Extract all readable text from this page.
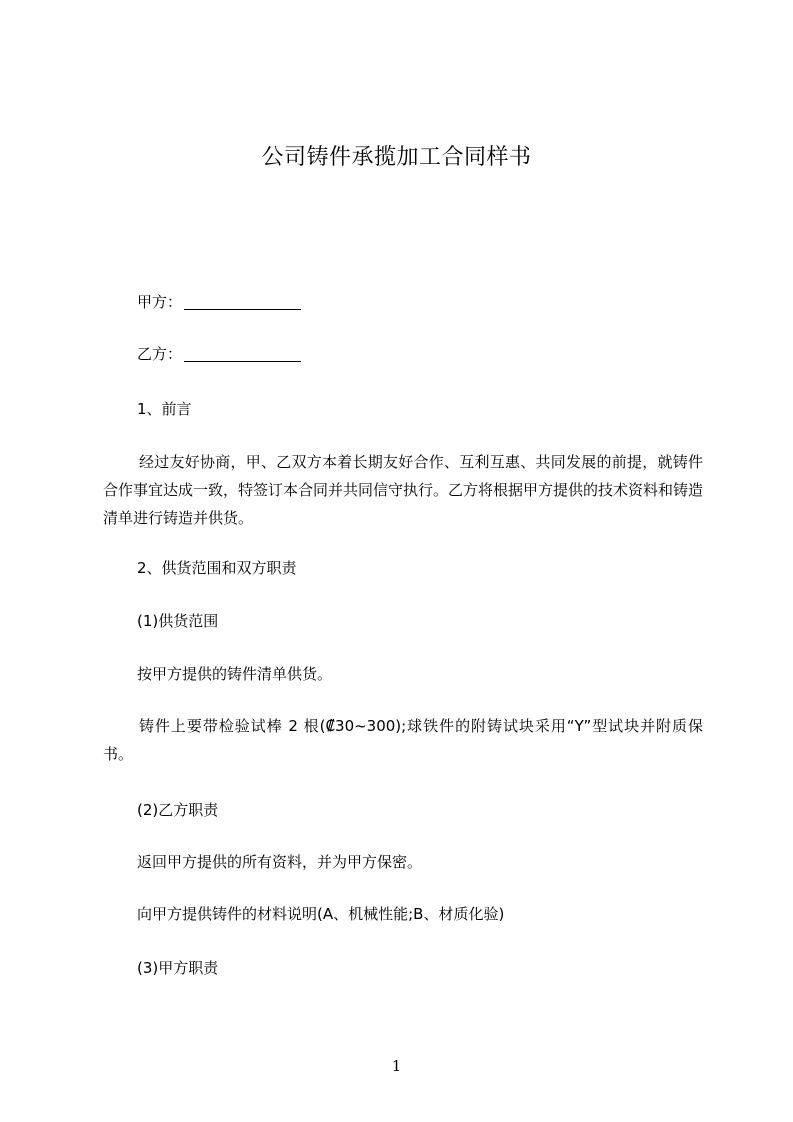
公司铸件承揽加工合同样书
甲方：
乙方：
1、前言
经过友好协商，甲、乙双方本着长期友好合作、互利互惠、共同发展的前提，就铸件合作事宜达成一致，特签订本合同并共同信守执行。乙方将根据甲方提供的技术资料和铸造清单进行铸造并供货。
2、供货范围和双方职责
(1)供货范围
按甲方提供的铸件清单供货。
铸件上要带检验试棒 2 根(₡30~300);球铁件的附铸试块采用“Y”型试块并附质保书。
(2)乙方职责
返回甲方提供的所有资料，并为甲方保密。
向甲方提供铸件的材料说明(A、机械性能;B、材质化验)
(3)甲方职责
1
